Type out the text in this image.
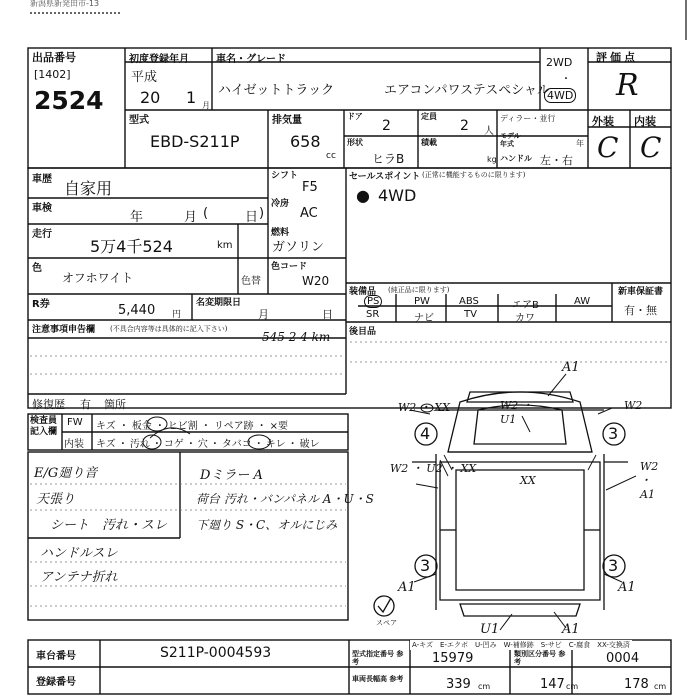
新潟県新発田市-13
出品番号
[1402]
2524
初度登録年月
平成
20 1 月
車名・グレード
ハイゼットトラック	エアコンパワステスペシャル
2WD
・
4WD
評価点
R
型式
EBD-S211P
排気量
658
cc
ドア
2
定員
2 人
ディラー・並行
形状
ヒラB
積載
kg
モデル年式	年
ハンドル 左・右
外装 内装
C C
車歴 自家用
車検
年	月 (	日 )
走行
5万4千524	km
色
オフホワイト	色替
R券	5,440 円
名変期限日
月	日
注意事項申告欄 (不具合内容等は具体的に記入下さい)
545 2 4 km
修復歴 有 箇所
シフト
F5
冷房
AC
燃料
ガソリン
色コード
W20
セールスポイント (正常に機能するものに限ります)
● 4WD
装備品 (純正品に限ります)	新車保証書
有・無
PS	PW	ABS	エアB	AW
SR	ナビ	TV	カワ
後目品
検査員記入欄
FW
内装
キズ ・ 板金 ・ ヒビ割 ・ リペア跡 ・ ×要
キズ ・ 汚れ ・ コゲ ・ 穴 ・ タバコ ・ キレ ・ 破レ
E/G廻り音
天張り
シート　汚れ・スレ
ハンドルスレ
アンテナ折れ
Dミラー A
荷台 汚れ・バンパネル A・U・S
下廻り S・C、オルにじみ
A1
W2 ・ XX	W2 ・ U1
W2
4	3
W2 ・ U2 ・ XX
XX
W2 ・ A1
3	3
A1	A1
スペア	U1	A1
A-キズ　E-エクボ　U-凹み　W-補修跡　S-サビ　C-腐食　XX-交換済
車台番号	S211P-0004593
登録番号
型式指定番号 参考	15979	類別区分番号 参考	0004
車両長幅高 参考	339 cm	147 cm	178 cm
